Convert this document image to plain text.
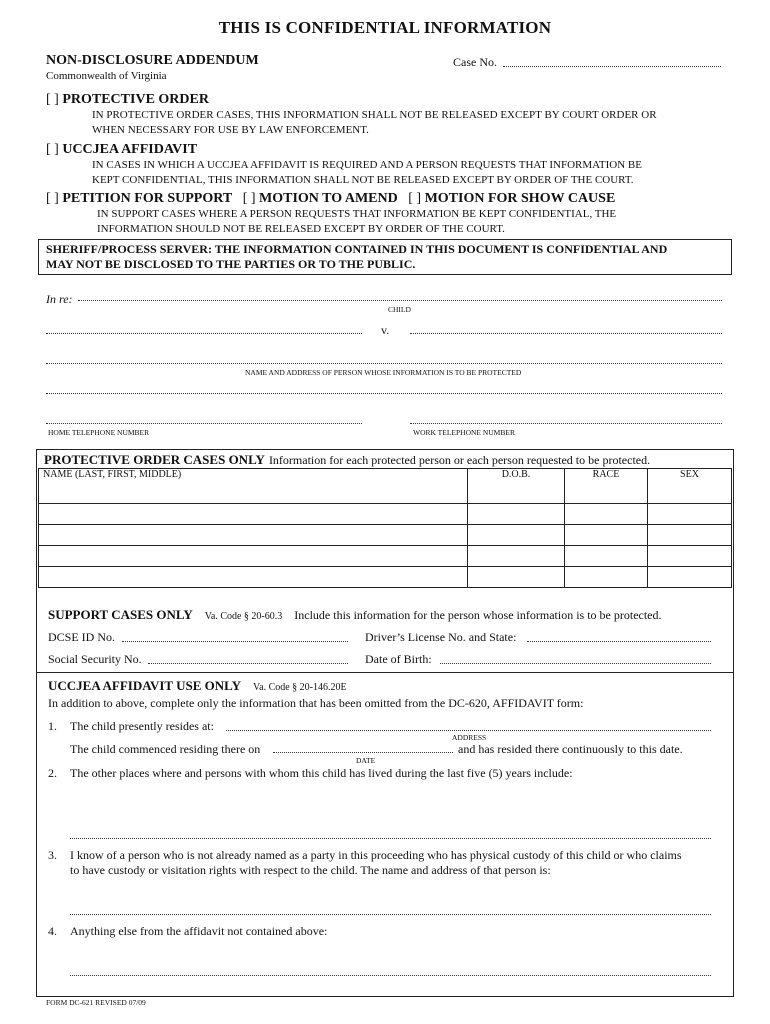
THIS IS CONFIDENTIAL INFORMATION
NON-DISCLOSURE ADDENDUM
Commonwealth of Virginia
Case No.
[ ] PROTECTIVE ORDER
IN PROTECTIVE ORDER CASES, THIS INFORMATION SHALL NOT BE RELEASED EXCEPT BY COURT ORDER OR
WHEN NECESSARY FOR USE BY LAW ENFORCEMENT.
[ ] UCCJEA AFFIDAVIT
IN CASES IN WHICH A UCCJEA AFFIDAVIT IS REQUIRED AND A PERSON REQUESTS THAT INFORMATION BE
KEPT CONFIDENTIAL, THIS INFORMATION SHALL NOT BE RELEASED EXCEPT BY ORDER OF THE COURT.
[ ] PETITION FOR SUPPORT [ ] MOTION TO AMEND [ ] MOTION FOR SHOW CAUSE
IN SUPPORT CASES WHERE A PERSON REQUESTS THAT INFORMATION BE KEPT CONFIDENTIAL, THE
INFORMATION SHOULD NOT BE RELEASED EXCEPT BY ORDER OF THE COURT.
SHERIFF/PROCESS SERVER: THE INFORMATION CONTAINED IN THIS DOCUMENT IS CONFIDENTIAL AND
MAY NOT BE DISCLOSED TO THE PARTIES OR TO THE PUBLIC.
In re:
CHILD
v.
NAME AND ADDRESS OF PERSON WHOSE INFORMATION IS TO BE PROTECTED
HOME TELEPHONE NUMBER	WORK TELEPHONE NUMBER
PROTECTIVE ORDER CASES ONLY Information for each protected person or each person requested to be protected.
NAME (LAST, FIRST, MIDDLE)	D.O.B.	RACE	SEX

SUPPORT CASES ONLY Va. Code § 20-60.3 Include this information for the person whose information is to be protected.
DCSE ID No.	Driver’s License No. and State:
Social Security No.	Date of Birth:
UCCJEA AFFIDAVIT USE ONLY Va. Code § 20-146.20E
In addition to above, complete only the information that has been omitted from the DC-620, AFFIDAVIT form:
1. The child presently resides at:
ADDRESS
The child commenced residing there on	and has resided there continuously to this date.
DATE
2. The other places where and persons with whom this child has lived during the last five (5) years include:
3. I know of a person who is not already named as a party in this proceeding who has physical custody of this child or who claims
to have custody or visitation rights with respect to the child. The name and address of that person is:
4. Anything else from the affidavit not contained above:
FORM DC-621 REVISED 07/09
